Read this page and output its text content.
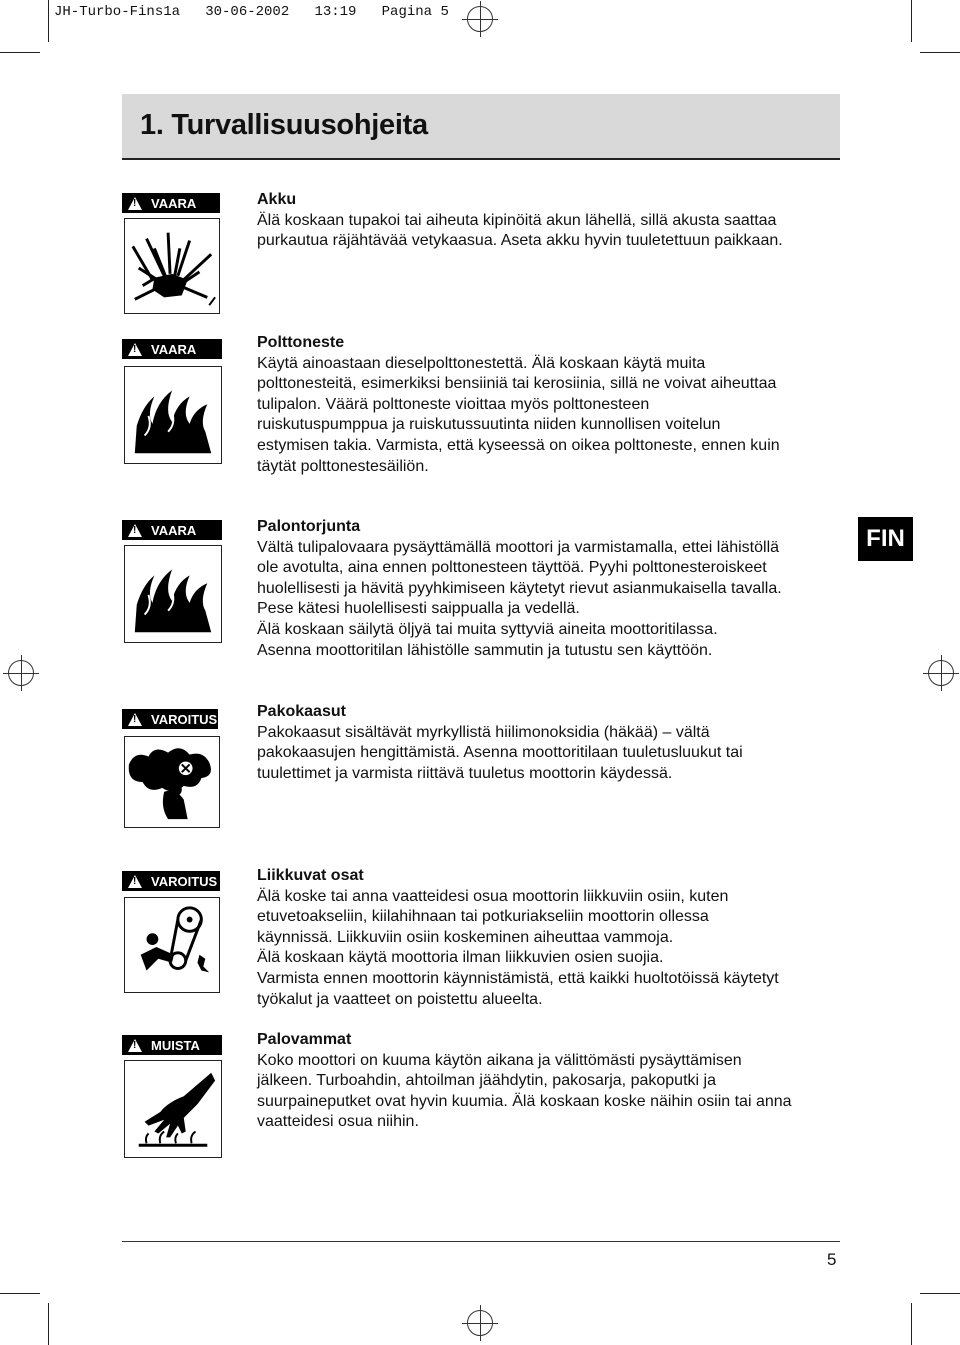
JH-Turbo-Fins1a   30-06-2002   13:19   Pagina 5
1. Turvallisuusohjeita
!
VAARA	Akku
Älä koskaan tupakoi tai aiheuta kipinöitä akun lähellä, sillä akusta saattaa
purkautua räjähtävää vetykaasua. Aseta akku hyvin tuuletettuun paikkaan.
!
VAARA	Polttoneste
Käytä ainoastaan dieselpolttonestettä. Älä koskaan käytä muita
polttonesteitä, esimerkiksi bensiiniä tai kerosiinia, sillä ne voivat aiheuttaa
tulipalon. Väärä polttoneste vioittaa myös polttonesteen
ruiskutuspumppua ja ruiskutussuutinta niiden kunnollisen voitelun
estymisen takia. Varmista, että kyseessä on oikea polttoneste, ennen kuin
täytät polttonestesäiliön.
!
VAARA	Palontorjunta
Vältä tulipalovaara pysäyttämällä moottori ja varmistamalla, ettei lähistöllä
ole avotulta, aina ennen polttonesteen täyttöä. Pyyhi polttonesteroiskeet
huolellisesti ja hävitä pyyhkimiseen käytetyt rievut asianmukaisella tavalla.
Pese kätesi huolellisesti saippualla ja vedellä.
Älä koskaan säilytä öljyä tai muita syttyviä aineita moottoritilassa.
Asenna moottoritilan lähistölle sammutin ja tutustu sen käyttöön.
FIN
!
VAROITUS Pakokaasut
Pakokaasut sisältävät myrkyllistä hiilimonoksidia (häkää) – vältä
pakokaasujen hengittämistä. Asenna moottoritilaan tuuletusluukut tai
tuulettimet ja varmista riittävä tuuletus moottorin käydessä.
!
VAROITUS Liikkuvat osat
Älä koske tai anna vaatteidesi osua moottorin liikkuviin osiin, kuten
etuvetoakseliin, kiilahihnaan tai potkuriakseliin moottorin ollessa
käynnissä. Liikkuviin osiin koskeminen aiheuttaa vammoja.
Älä koskaan käytä moottoria ilman liikkuvien osien suojia.
Varmista ennen moottorin käynnistämistä, että kaikki huoltotöissä käytetyt
työkalut ja vaatteet on poistettu alueelta.
!
MUISTA	Palovammat
Koko moottori on kuuma käytön aikana ja välittömästi pysäyttämisen
jälkeen. Turboahdin, ahtoilman jäähdytin, pakosarja, pakoputki ja
suurpaineputket ovat hyvin kuumia. Älä koskaan koske näihin osiin tai anna
vaatteidesi osua niihin.
5
